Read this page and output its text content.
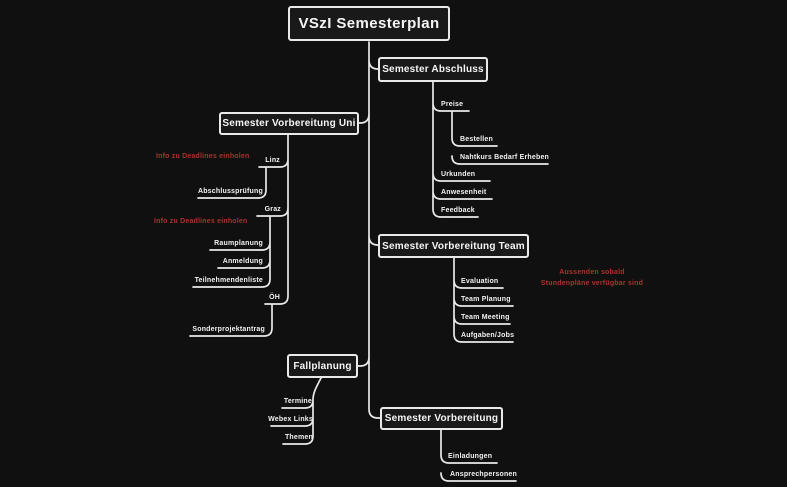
VSzI Semesterplan
Semester Abschluss
Semester Vorbereitung Uni
Semester Vorbereitung Team
Fallplanung
Semester Vorbereitung
Preise
Bestellen
Nahtkurs Bedarf Erheben
Urkunden
Anwesenheit
Feedback
Linz
Abschlussprüfung
Graz
Raumplanung
Anmeldung
Teilnehmendenliste
ÖH
Sonderprojektantrag
Evaluation
Team Planung
Team Meeting
Aufgaben/Jobs
Termine
Webex Links
Themen
Einladungen
Ansprechpersonen
Info zu Deadlines einholen
Info zu Deadlines einholen
Aussenden sobald Stundenpläne verfügbar sind
